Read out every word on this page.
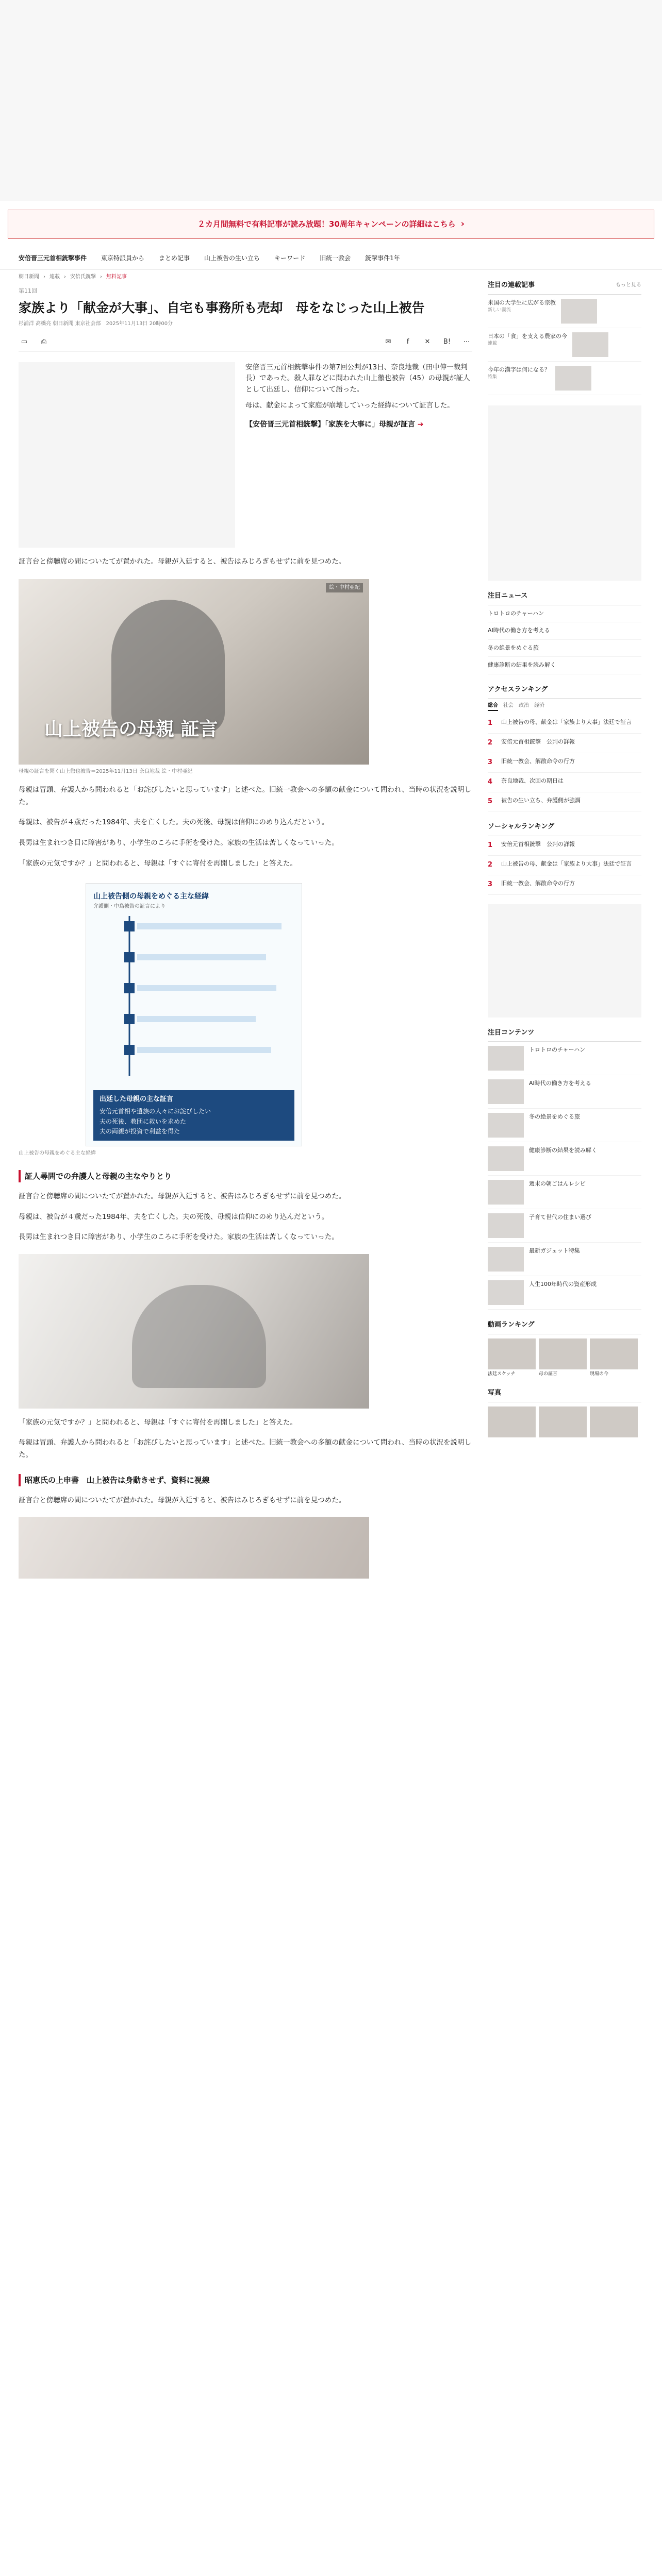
２カ月間無料で有料記事が読み放題！30周年キャンペーンの詳細はこちら ›
安倍晋三元首相銃撃事件 東京特派員から まとめ記事 山上被告の生い立ち キーワード 旧統一教会 銃撃事件1年
朝日新聞 › 連載 › 安倍氏銃撃 › 無料記事
第11回
家族より「献金が大事」、自宅も事務所も売却　母をなじった山上被告
杉浦洋 高橋亮 朝日新聞 東京社会部　2025年11月13日 20時00分
▭	⎙	✉	f	✕	B!	⋯

安倍晋三元首相銃撃事件の第7回公判が13日、奈良地裁（田中伸一裁判長）であった。殺人罪などに問われた山上徹也被告（45）の母親が証人として出廷し、信仰について語った。

母は、献金によって家庭が崩壊していった経緯について証言した。

【安倍晋三元首相銃撃】「家族を大事に」母親が証言 ➔

証言台と傍聴席の間についたてが置かれた。母親が入廷すると、被告はみじろぎもせずに前を見つめた。

絵・中村亜紀
山上被告の母親 証言
母親の証言を聞く山上徹也被告＝2025年11月13日 奈良地裁 絵・中村亜紀

母親は冒頭、弁護人から問われると「お詫びしたいと思っています」と述べた。旧統一教会への多額の献金について問われ、当時の状況を説明した。

母親は、被告が４歳だった1984年、夫を亡くした。夫の死後、母親は信仰にのめり込んだという。

長男は生まれつき目に障害があり、小学生のころに手術を受けた。家族の生活は苦しくなっていった。

「家族の元気ですか？」と問われると、母親は「すぐに寄付を再開しました」と答えた。

山上被告側の母親をめぐる主な経緯
弁護側・中島被告の証言により
出廷した母親の主な証言
安倍元首相や遺族の人々にお詫びしたい
夫の死後、教団に救いを求めた
夫の両親が投資で利益を得た
山上被告の母親をめぐる主な経緯
証人尋問での弁護人と母親の主なやりとり

証言台と傍聴席の間についたてが置かれた。母親が入廷すると、被告はみじろぎもせずに前を見つめた。

母親は、被告が４歳だった1984年、夫を亡くした。夫の死後、母親は信仰にのめり込んだという。

長男は生まれつき目に障害があり、小学生のころに手術を受けた。家族の生活は苦しくなっていった。

「家族の元気ですか？」と問われると、母親は「すぐに寄付を再開しました」と答えた。

母親は冒頭、弁護人から問われると「お詫びしたいと思っています」と述べた。旧統一教会への多額の献金について問われ、当時の状況を説明した。

昭恵氏の上申書　山上被告は身動きせず、資料に視線

証言台と傍聴席の間についたてが置かれた。母親が入廷すると、被告はみじろぎもせずに前を見つめた。

注目の連載記事	もっと見る
米国の大学生に広がる宗教
新しい潮流
日本の「食」を支える農家の今
連載
今年の漢字は何になる？
特集
注目ニュース
トロトロのチャーハン
AI時代の働き方を考える
冬の絶景をめぐる旅
健康診断の結果を読み解く
アクセスランキング
総合 社会 政治 経済
1	山上被告の母、献金は「家族より大事」法廷で証言
2	安倍元首相銃撃　公判の詳報
3	旧統一教会、解散命令の行方
4	奈良地裁、次回の期日は
5	被告の生い立ち、弁護側が強調
ソーシャルランキング
1	安倍元首相銃撃　公判の詳報
2	山上被告の母、献金は「家族より大事」法廷で証言
3	旧統一教会、解散命令の行方
注目コンテンツ
トロトロのチャーハン
AI時代の働き方を考える
冬の絶景をめぐる旅
健康診断の結果を読み解く
週末の朝ごはんレシピ
子育て世代の住まい選び
最新ガジェット特集
人生100年時代の資産形成
動画ランキング
法廷スケッチ	母の証言	現場の今
写真
